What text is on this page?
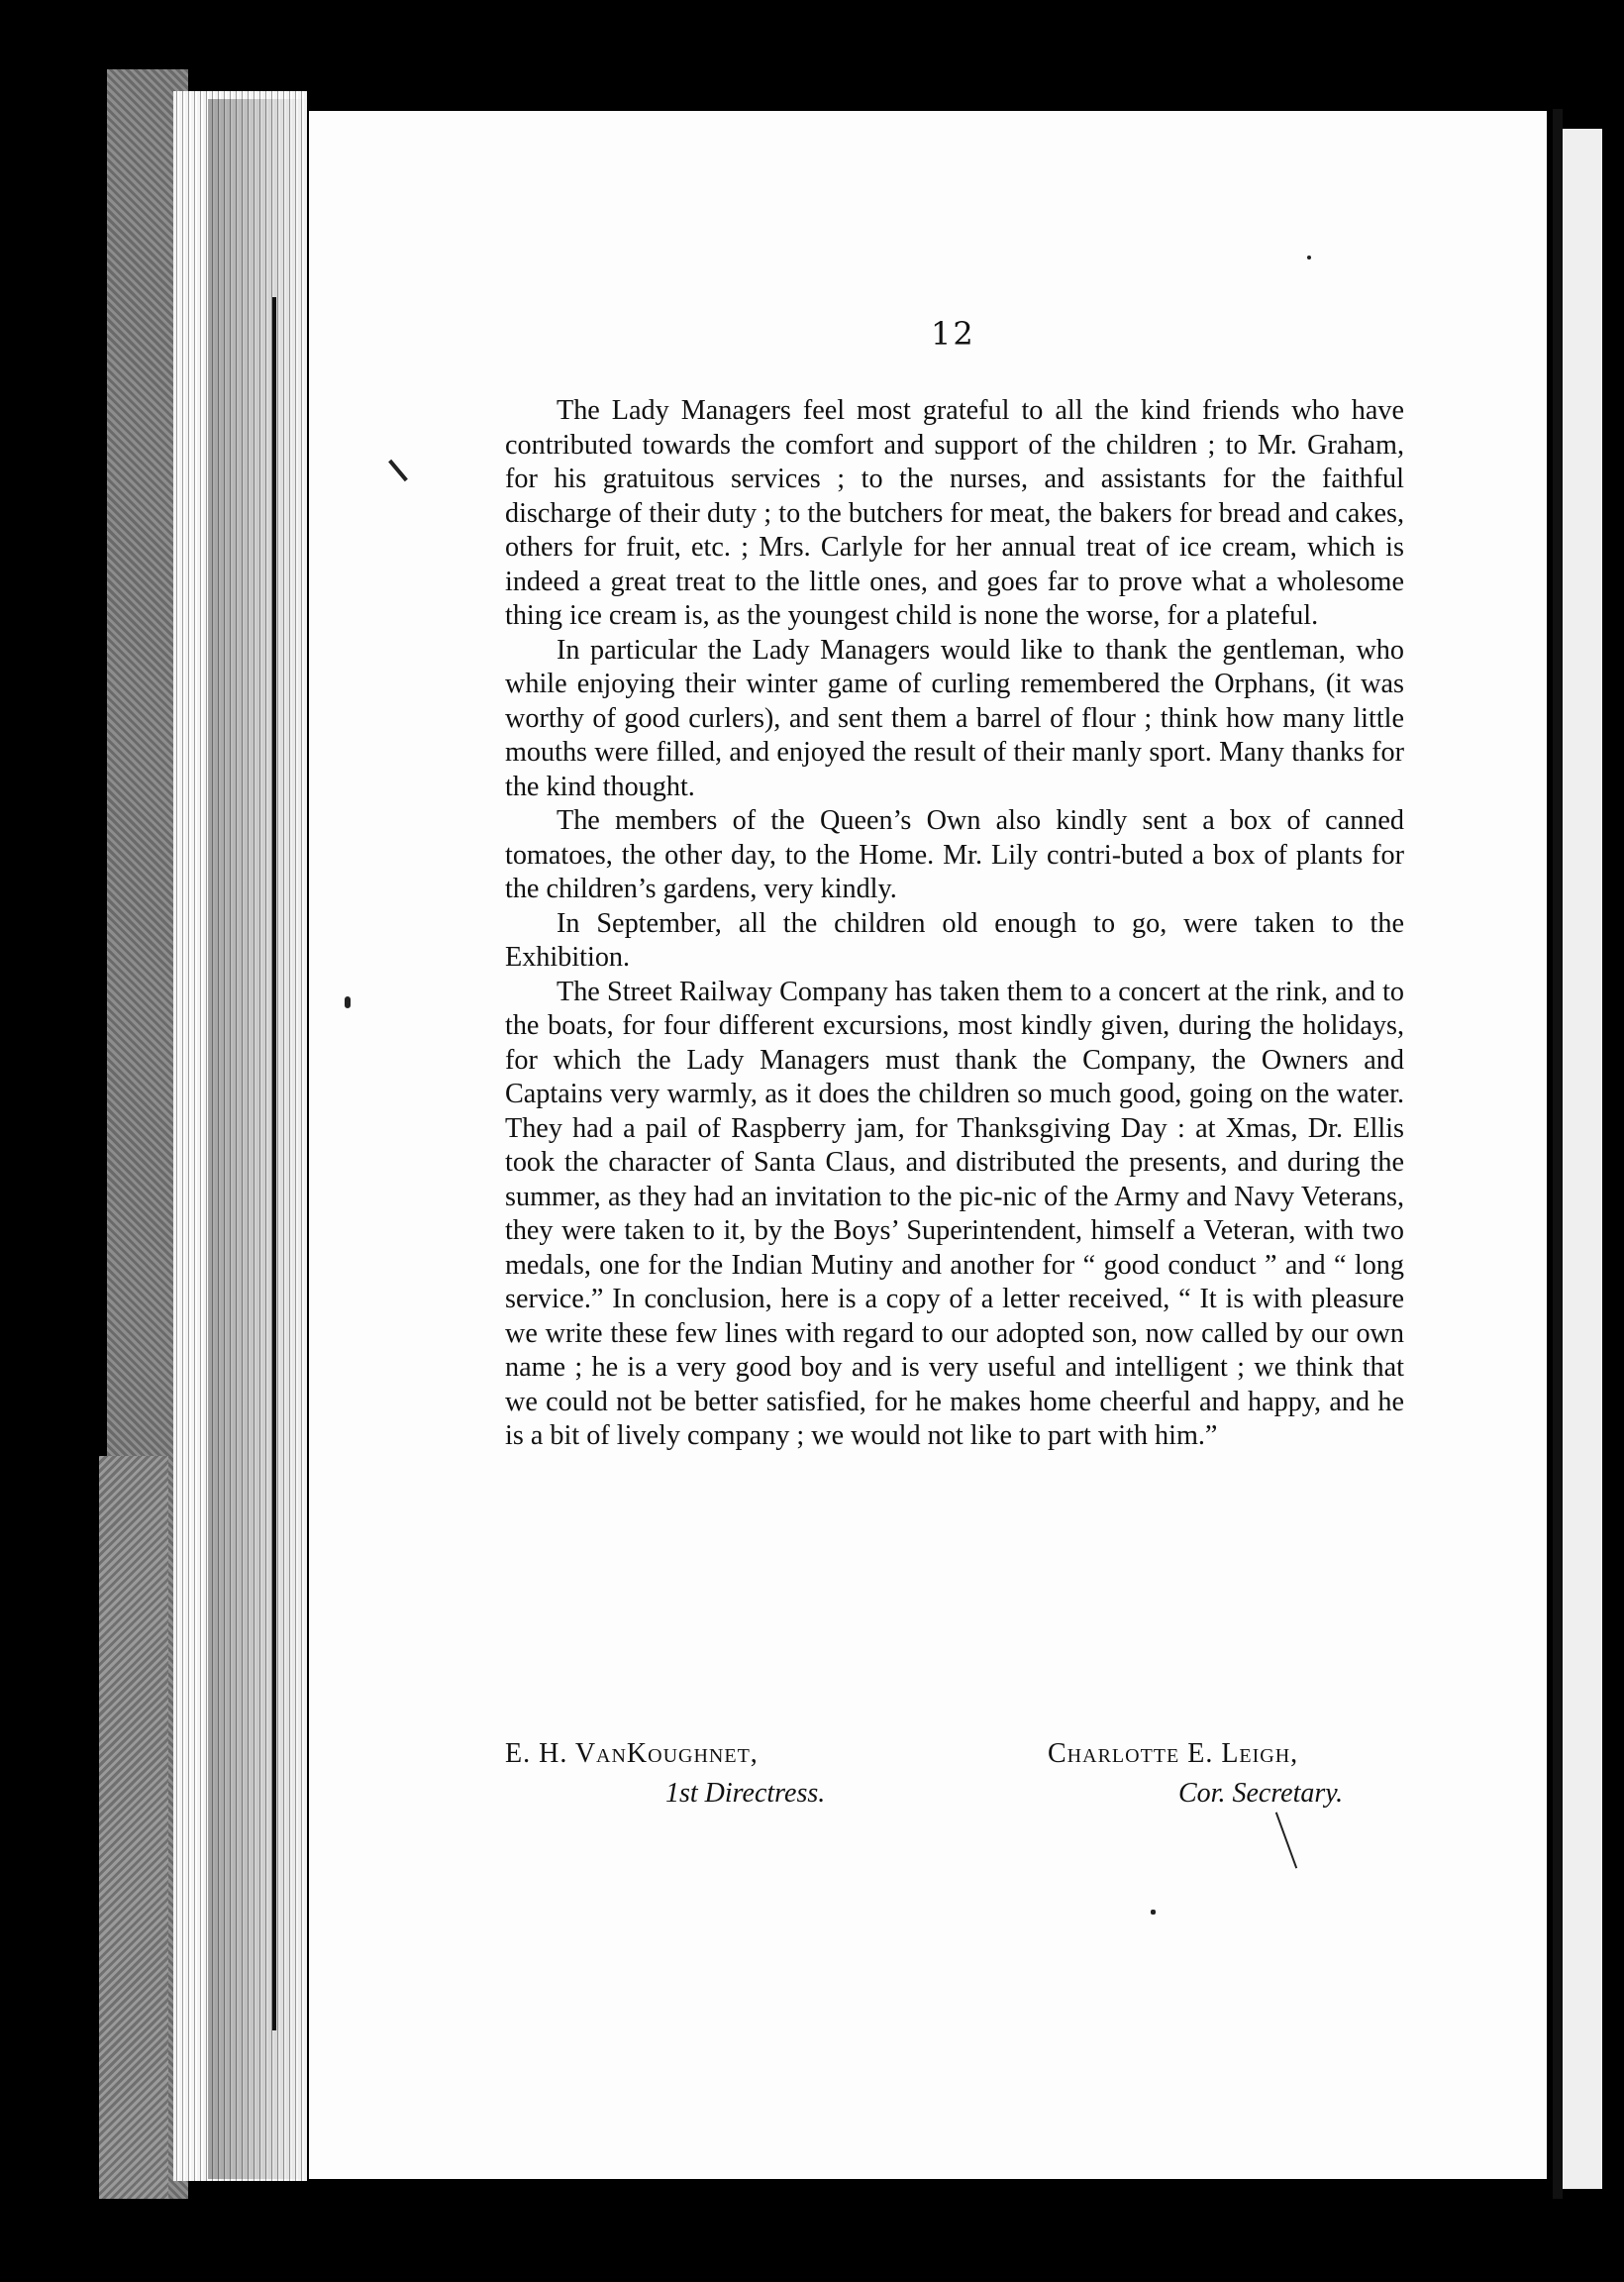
12

The Lady Managers feel most grateful to all the kind friends who have contributed towards the comfort and support of the children ; to Mr. Graham, for his gratuitous services ; to the nurses, and assistants for the faithful discharge of their duty ; to the butchers for meat, the bakers for bread and cakes, others for fruit, etc. ; Mrs. Carlyle for her annual treat of ice cream, which is indeed a great treat to the little ones, and goes far to prove what a wholesome thing ice cream is, as the youngest child is none the worse, for a plateful.

In particular the Lady Managers would like to thank the gentleman, who while enjoying their winter game of curling remembered the Orphans, (it was worthy of good curlers), and sent them a barrel of flour ; think how many little mouths were filled, and enjoyed the result of their manly sport. Many thanks for the kind thought.

The members of the Queen’s Own also kindly sent a box of canned tomatoes, the other day, to the Home. Mr. Lily contri-buted a box of plants for the children’s gardens, very kindly.

In September, all the children old enough to go, were taken to the Exhibition.

The Street Railway Company has taken them to a concert at the rink, and to the boats, for four different excursions, most kindly given, during the holidays, for which the Lady Managers must thank the Company, the Owners and Captains very warmly, as it does the children so much good, going on the water. They had a pail of Raspberry jam, for Thanksgiving Day : at Xmas, Dr. Ellis took the character of Santa Claus, and distributed the presents, and during the summer, as they had an invitation to the pic-nic of the Army and Navy Veterans, they were taken to it, by the Boys’ Superintendent, himself a Veteran, with two medals, one for the Indian Mutiny and another for “ good conduct ” and “ long service.” In conclusion, here is a copy of a letter received, “ It is with pleasure we write these few lines with regard to our adopted son, now called by our own name ; he is a very good boy and is very useful and intelligent ; we think that we could not be better satisfied, for he makes home cheerful and happy, and he is a bit of lively company ; we would not like to part with him.”

E. H. VanKoughnet,
1st Directress.
Charlotte E. Leigh,
Cor. Secretary.
